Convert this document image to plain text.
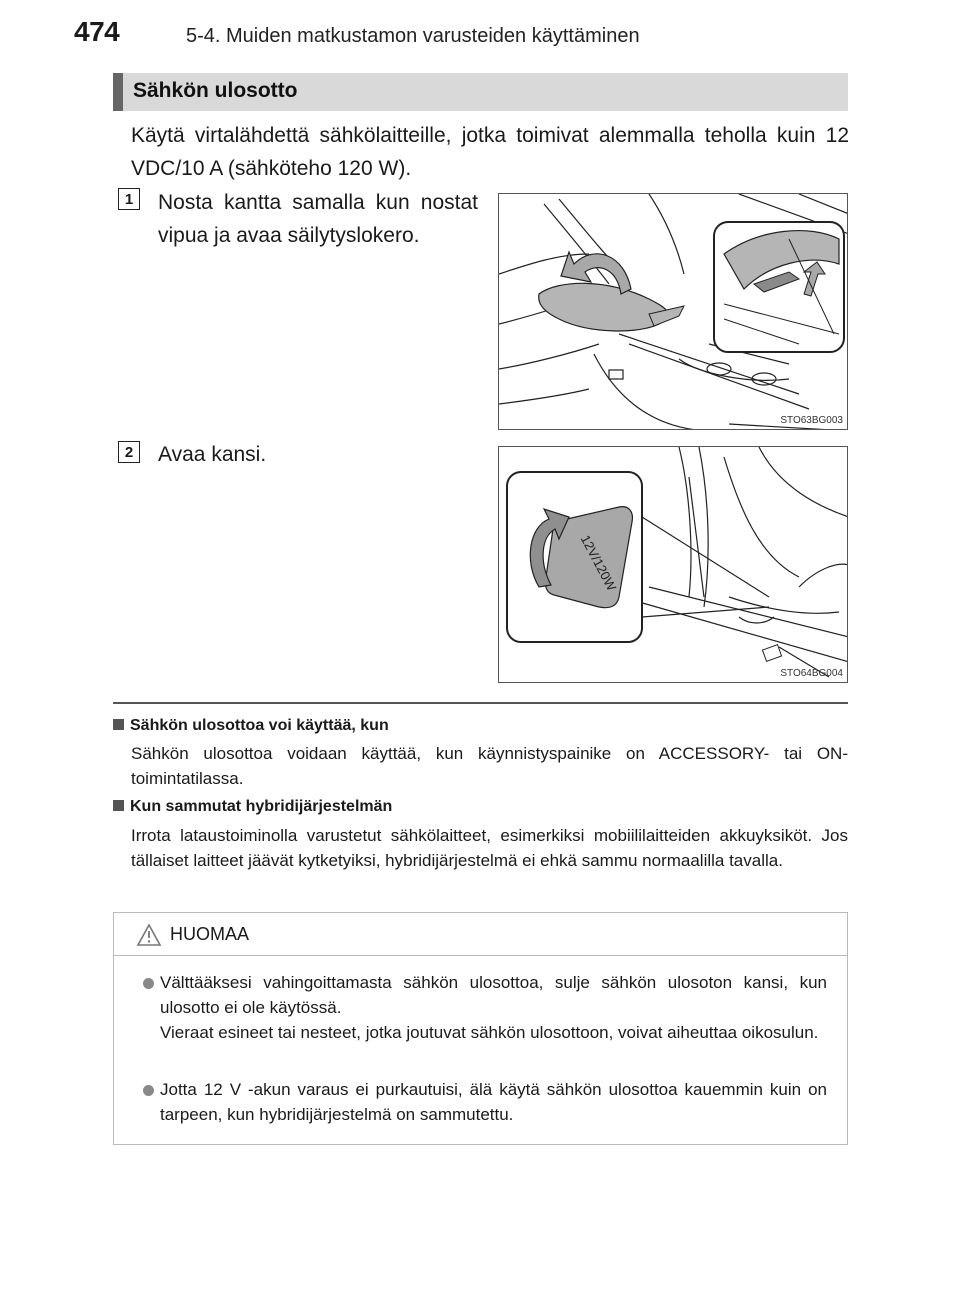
474	5-4. Muiden matkustamon varusteiden käyttäminen
Sähkön ulosotto
Käytä virtalähdettä sähkölaitteille, jotka toimivat alemmalla teholla kuin 12 VDC/10 A (sähköteho 120 W).
1	Nosta kantta samalla kun nostat vipua ja avaa säilytyslokero.
STO63BG003
2	Avaa kansi.
12V/120W
STO64BG004
Sähkön ulosottoa voi käyttää, kun
Sähkön ulosottoa voidaan käyttää, kun käynnistyspainike on ACCESSORY- tai ON-toimintatilassa.
Kun sammutat hybridijärjestelmän
Irrota lataustoiminolla varustetut sähkölaitteet, esimerkiksi mobiililaitteiden akkuyksiköt. Jos tällaiset laitteet jäävät kytketyiksi, hybridijärjestelmä ei ehkä sammu normaalilla tavalla.
HUOMAA
Välttääksesi vahingoittamasta sähkön ulosottoa, sulje sähkön ulosoton kansi, kun ulosotto ei ole käytössä.
Vieraat esineet tai nesteet, jotka joutuvat sähkön ulosottoon, voivat aiheuttaa oikosulun.
Jotta 12 V -akun varaus ei purkautuisi, älä käytä sähkön ulosottoa kauemmin kuin on tarpeen, kun hybridijärjestelmä on sammutettu.
